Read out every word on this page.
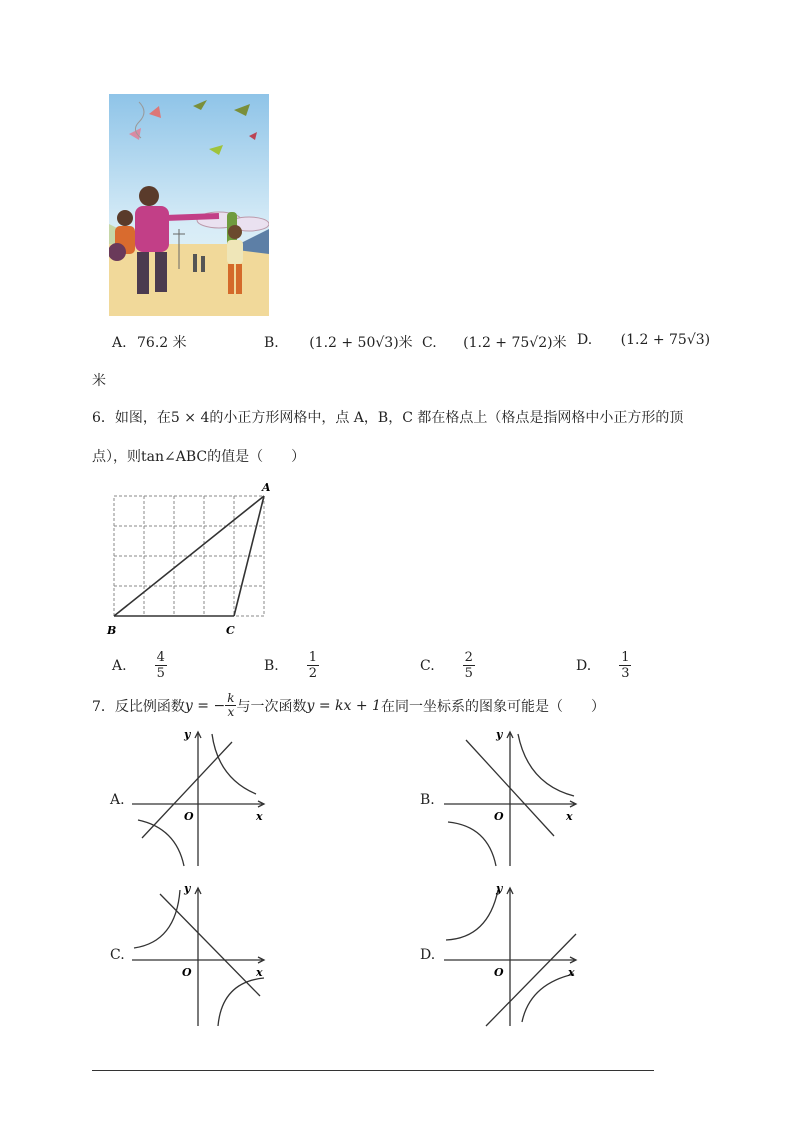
A. 76.2 米	B. (1.2 + 50√3)米 C. (1.2 + 75√2)米 D. (1.2 + 75√3)
米
6．如图，在5 × 4的小正方形网格中，点 A，B，C 都在格点上（格点是指网格中小正方形的顶
点），则tan∠ABC的值是（　　）
A
B	C
A. $\frac{4}{5}$	B. $\frac{1}{2}$	C. $\frac{2}{5}$	D. $\frac{1}{3}$
7．反比例函数 y = − $\frac{k}{x}$ 与一次函数 y = kx + 1 在同一坐标系的图象可能是（　　）
A.
y
x
O
B.
y
x
O
C.
y
x
O
D.
y
x
O
